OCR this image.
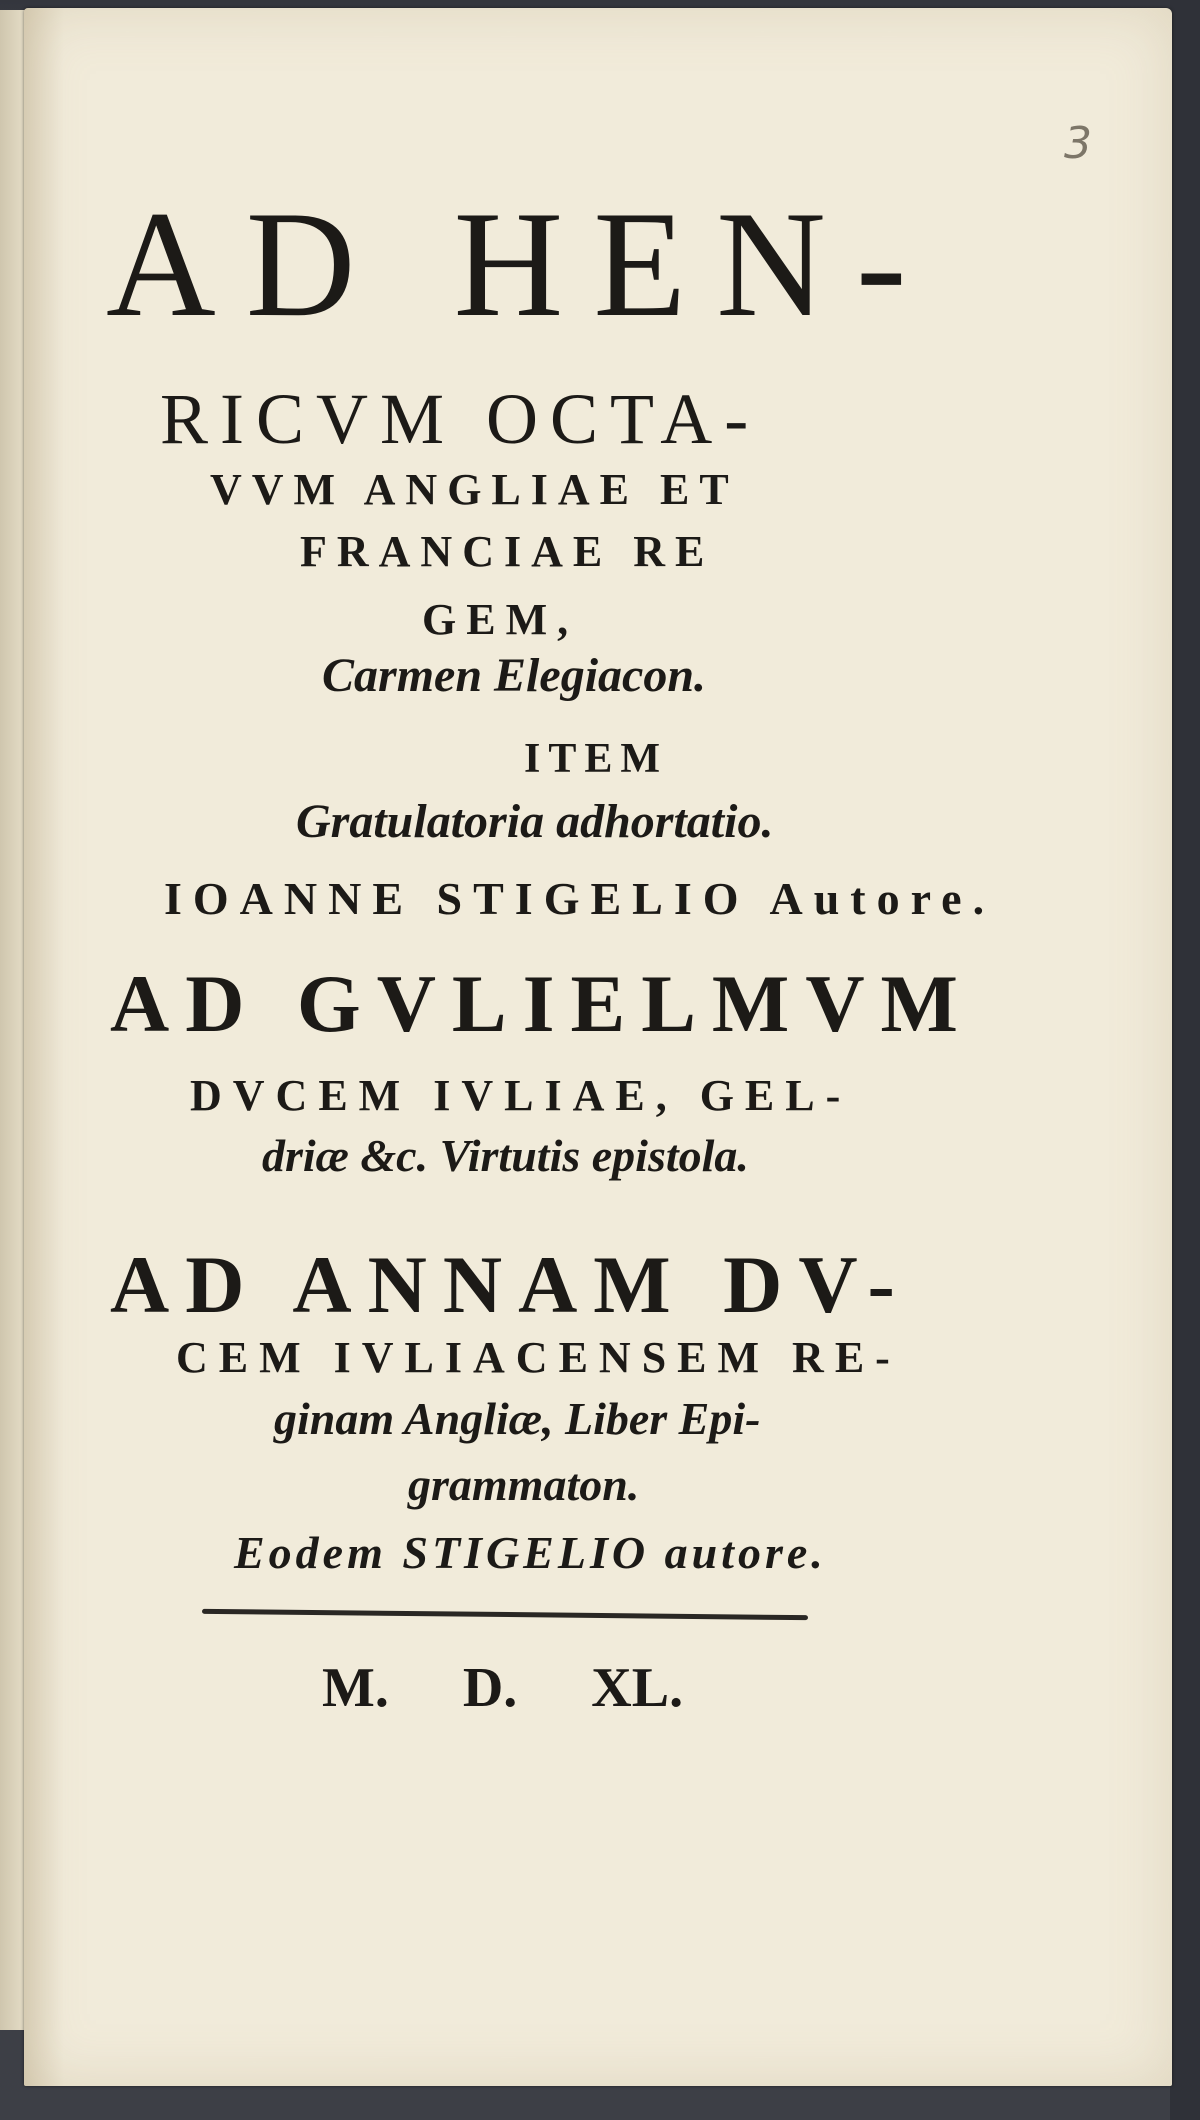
3
AD HEN-
RICVM OCTA-
VVM ANGLIAE ET
FRANCIAE RE
GEM,
Carmen Elegiacon.
ITEM
Gratulatoria adhortatio.
IOANNE STIGELIO Autore.
AD GVLIELMVM
DVCEM IVLIAE, GEL-
driæ &c. Virtutis epistola.
AD ANNAM DV-
CEM IVLIACENSEM RE-
ginam Angliæ, Liber Epi-
grammaton.
Eodem STIGELIO autore.
M. D. XL.
